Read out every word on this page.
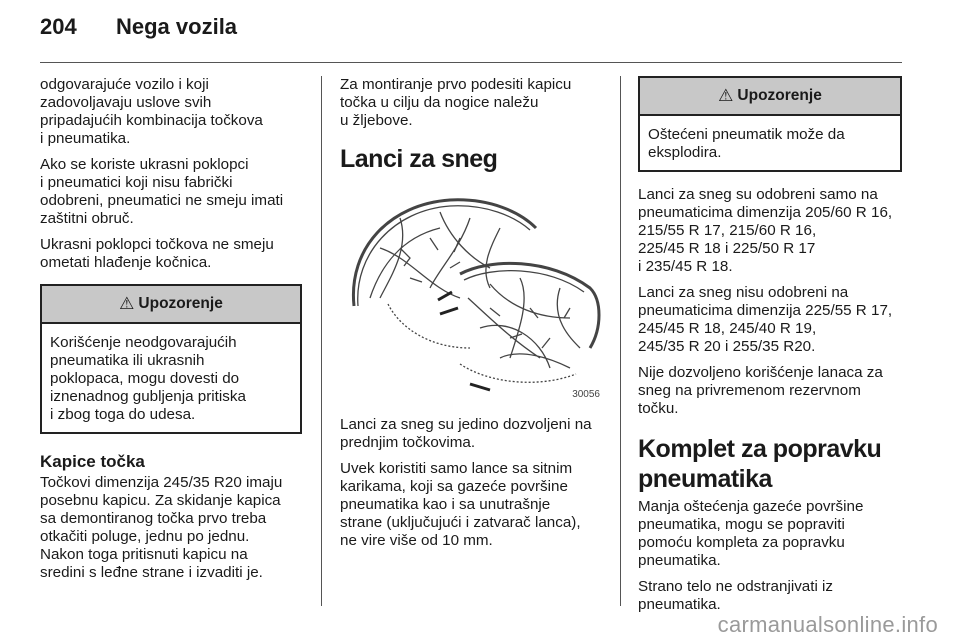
204	Nega vozila

odgovarajuće vozilo i koji
zadovoljavaju uslove svih
pripadajućih kombinacija točkova
i pneumatika.

Ako se koriste ukrasni poklopci
i pneumatici koji nisu fabrički
odobreni, pneumatici ne smeju imati
zaštitni obruč.

Ukrasni poklopci točkova ne smeju
ometati hlađenje kočnica.

⚠ Upozorenje
Korišćenje neodgovarajućih
pneumatika ili ukrasnih
poklopaca, mogu dovesti do
iznenadnog gubljenja pritiska
i zbog toga do udesa.
Kapice točka

Točkovi dimenzija 245/35 R20 imaju
posebnu kapicu. Za skidanje kapica
sa demontiranog točka prvo treba
otkačiti poluge, jednu po jednu.
Nakon toga pritisnuti kapicu na
sredini s leđne strane i izvaditi je.

Za montiranje prvo podesiti kapicu
točka u cilju da nogice naležu
u žljebove.

Lanci za sneg
30056

Lanci za sneg su jedino dozvoljeni na
prednjim točkovima.

Uvek koristiti samo lance sa sitnim
karikama, koji sa gazeće površine
pneumatika kao i sa unutrašnje
strane (uključujući i zatvarač lanca),
ne vire više od 10 mm.

⚠ Upozorenje
Oštećeni pneumatik može da
eksplodira.

Lanci za sneg su odobreni samo na
pneumaticima dimenzija 205/60 R 16,
215/55 R 17, 215/60 R 16,
225/45 R 18 i 225/50 R 17
i 235/45 R 18.

Lanci za sneg nisu odobreni na
pneumaticima dimenzija 225/55 R 17,
245/45 R 18, 245/40 R 19,
245/35 R 20 i 255/35 R20.

Nije dozvoljeno korišćenje lanaca za
sneg na privremenom rezervnom
točku.

Komplet za popravku
pneumatika

Manja oštećenja gazeće površine
pneumatika, mogu se popraviti
pomoću kompleta za popravku
pneumatika.

Strano telo ne odstranjivati iz
pneumatika.

carmanualsonline.info
